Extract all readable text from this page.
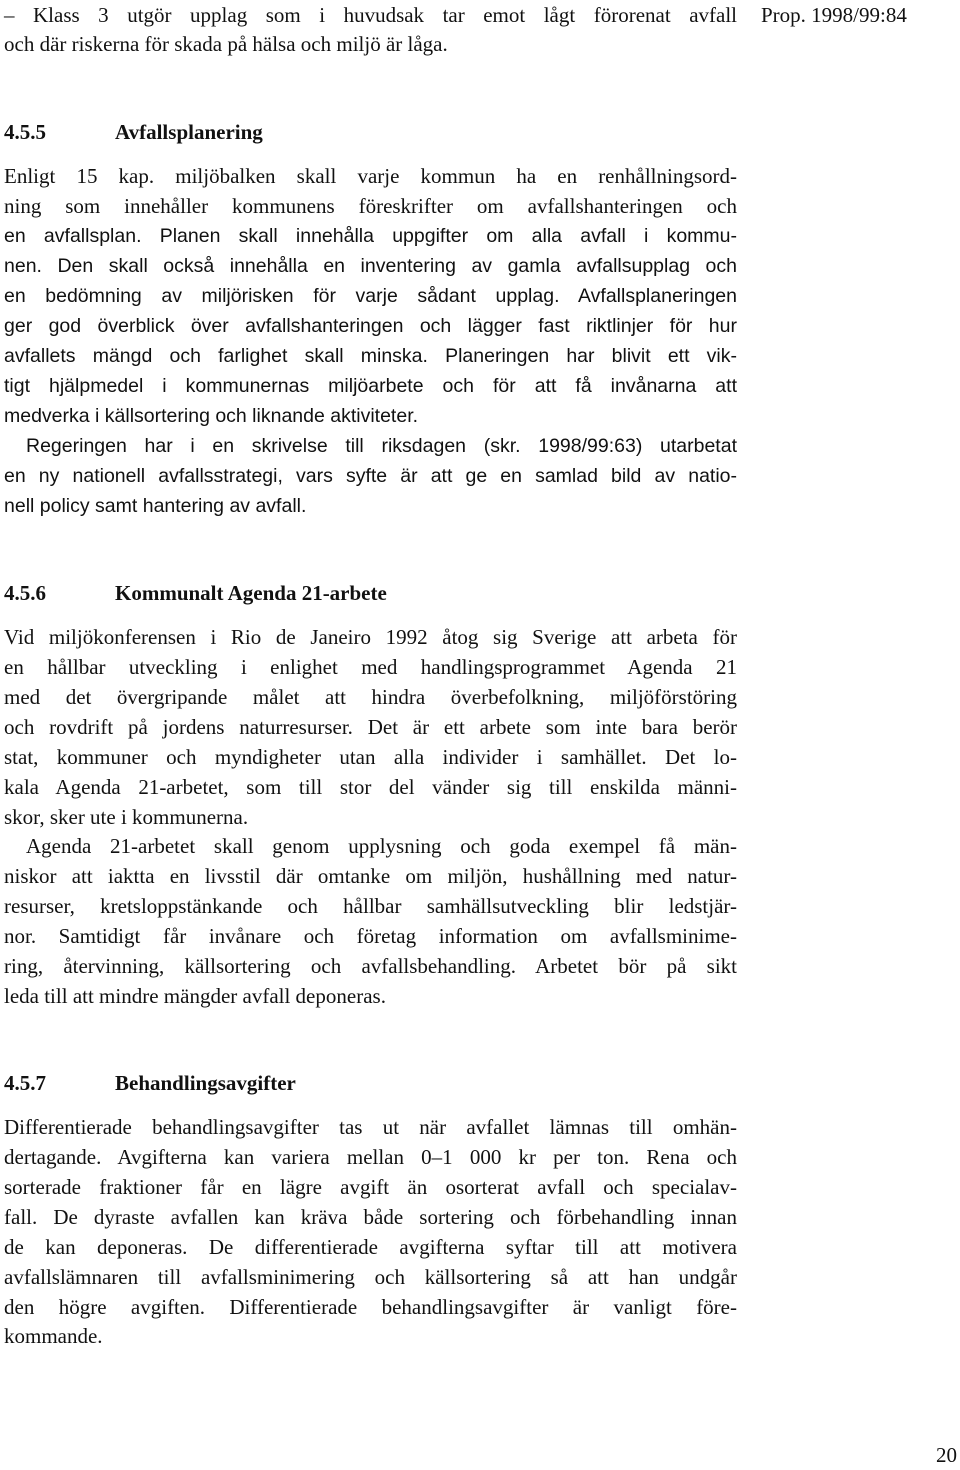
Prop. 1998/99:84
– Klass 3 utgör upplag som i huvudsak tar emot lågt förorenat avfall
och där riskerna för skada på hälsa och miljö är låga.
4.5.5	Avfallsplanering
Enligt 15 kap. miljöbalken skall varje kommun ha en renhållningsord-
ning som innehåller kommunens föreskrifter om avfallshanteringen och
en avfallsplan. Planen skall innehålla uppgifter om alla avfall i kommu-
nen. Den skall också innehålla en inventering av gamla avfallsupplag och
en bedömning av miljörisken för varje sådant upplag. Avfallsplaneringen
ger god överblick över avfallshanteringen och lägger fast riktlinjer för hur
avfallets mängd och farlighet skall minska. Planeringen har blivit ett vik-
tigt hjälpmedel i kommunernas miljöarbete och för att få invånarna att
medverka i källsortering och liknande aktiviteter.
Regeringen har i en skrivelse till riksdagen (skr. 1998/99:63) utarbetat
en ny nationell avfallsstrategi, vars syfte är att ge en samlad bild av natio-
nell policy samt hantering av avfall.
4.5.6	Kommunalt Agenda 21-arbete
Vid miljökonferensen i Rio de Janeiro 1992 åtog sig Sverige att arbeta för
en hållbar utveckling i enlighet med handlingsprogrammet Agenda 21
med det övergripande målet att hindra överbefolkning, miljöförstöring
och rovdrift på jordens naturresurser. Det är ett arbete som inte bara berör
stat, kommuner och myndigheter utan alla individer i samhället. Det lo-
kala Agenda 21-arbetet, som till stor del vänder sig till enskilda männi-
skor, sker ute i kommunerna.
Agenda 21-arbetet skall genom upplysning och goda exempel få män-
niskor att iaktta en livsstil där omtanke om miljön, hushållning med natur-
resurser, kretsloppstänkande och hållbar samhällsutveckling blir ledstjär-
nor. Samtidigt får invånare och företag information om avfallsminime-
ring, återvinning, källsortering och avfallsbehandling. Arbetet bör på sikt
leda till att mindre mängder avfall deponeras.
4.5.7	Behandlingsavgifter
Differentierade behandlingsavgifter tas ut när avfallet lämnas till omhän-
dertagande. Avgifterna kan variera mellan 0–1 000 kr per ton. Rena och
sorterade fraktioner får en lägre avgift än osorterat avfall och specialav-
fall. De dyraste avfallen kan kräva både sortering och förbehandling innan
de kan deponeras. De differentierade avgifterna syftar till att motivera
avfallslämnaren till avfallsminimering och källsortering så att han undgår
den högre avgiften. Differentierade behandlingsavgifter är vanligt före-
kommande.
20
